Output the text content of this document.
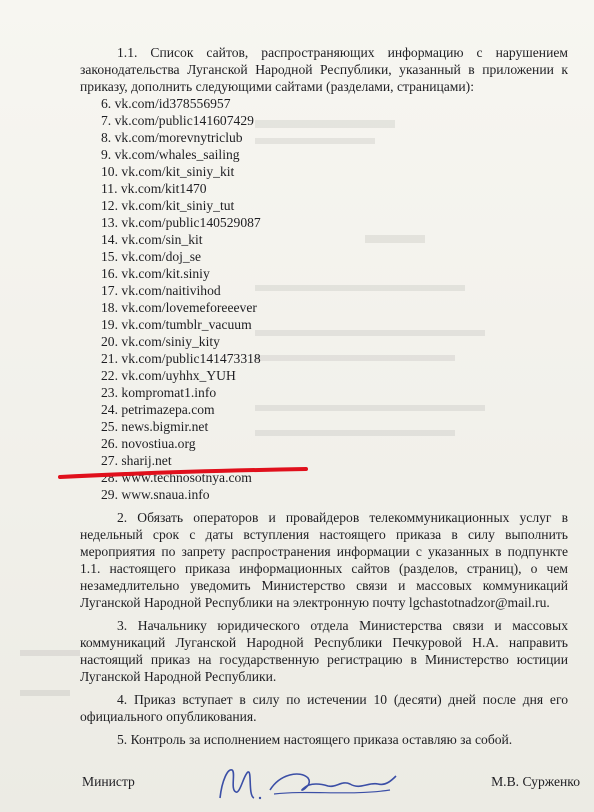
1.1. Список сайтов, распространяющих информацию с нарушением законодательства Луганской Народной Республики, указанный в приложении к приказу, дополнить следующими сайтами (разделами, страницами):

6. vk.com/id378556957
7. vk.com/public141607429
8. vk.com/morevnytriclub
9. vk.com/whales_sailing
10. vk.com/kit_siniy_kit
11. vk.com/kit1470
12. vk.com/kit_siniy_tut
13. vk.com/public140529087
14. vk.com/sin_kit
15. vk.com/doj_se
16. vk.com/kit.siniy
17. vk.com/naitivihod
18. vk.com/lovemeforeeever
19. vk.com/tumblr_vacuum
20. vk.com/siniy_kity
21. vk.com/public141473318
22. vk.com/uyhhx_YUH
23. kompromat1.info
24. petrimazepa.com
25. news.bigmir.net
26. novostiua.org
27. sharij.net
28. www.technosotnya.com
29. www.snaua.info

2. Обязать операторов и провайдеров телекоммуникационных услуг в недельный срок с даты вступления настоящего приказа в силу выполнить мероприятия по запрету распространения информации с указанных в подпункте 1.1. настоящего приказа информационных сайтов (разделов, страниц), о чем незамедлительно уведомить Министерство связи и массовых коммуникаций Луганской Народной Республики на электронную почту lgchastotnadzor@mail.ru.

3. Начальнику юридического отдела Министерства связи и массовых коммуникаций Луганской Народной Республики Печкуровой Н.А. направить настоящий приказ на государственную регистрацию в Министерство юстиции Луганской Народной Республики.

4. Приказ вступает в силу по истечении 10 (десяти) дней после дня его официального опубликования.

5. Контроль за исполнением настоящего приказа оставляю за собой.

Министр	М.В. Сурженко
